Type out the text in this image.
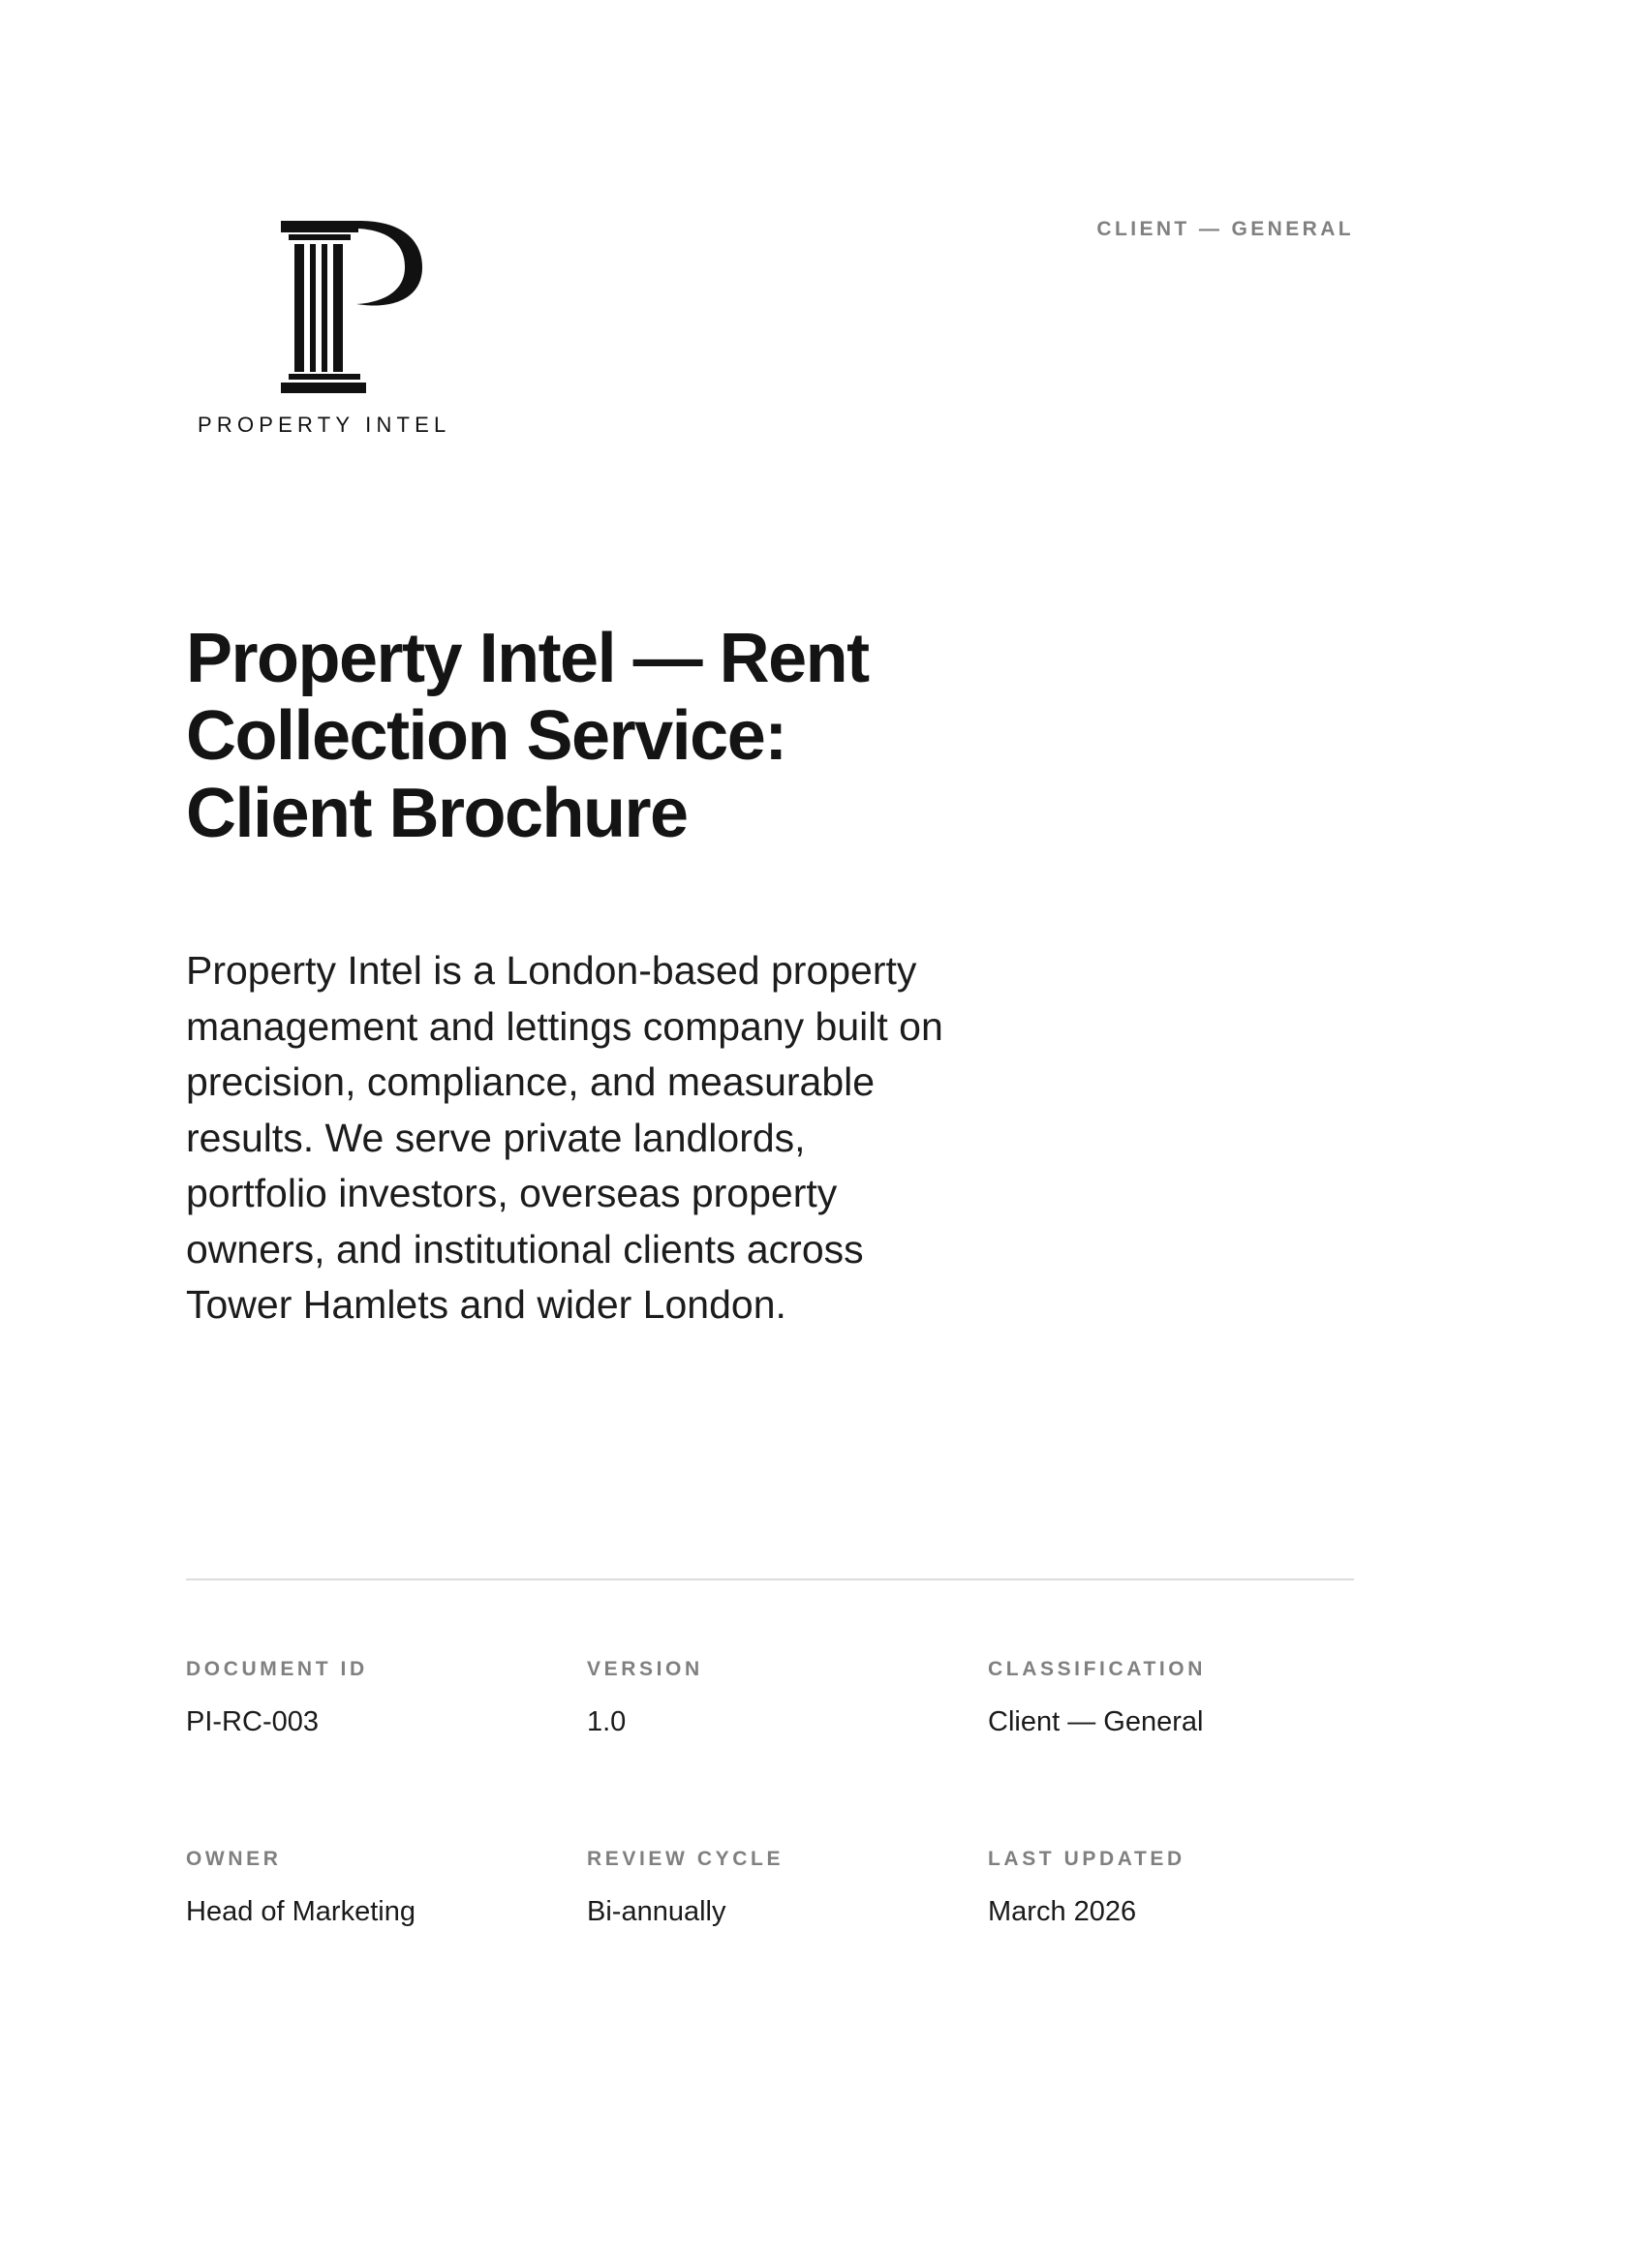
PROPERTY INTEL
CLIENT — GENERAL
Property Intel — Rent Collection Service: Client Brochure

Property Intel is a London-based property management and lettings company built on precision, compliance, and measurable results. We serve private landlords, portfolio investors, overseas property owners, and institutional clients across Tower Hamlets and wider London.

DOCUMENT ID
PI-RC-003
VERSION
1.0
CLASSIFICATION
Client — General
OWNER
Head of Marketing
REVIEW CYCLE
Bi-annually
LAST UPDATED
March 2026
